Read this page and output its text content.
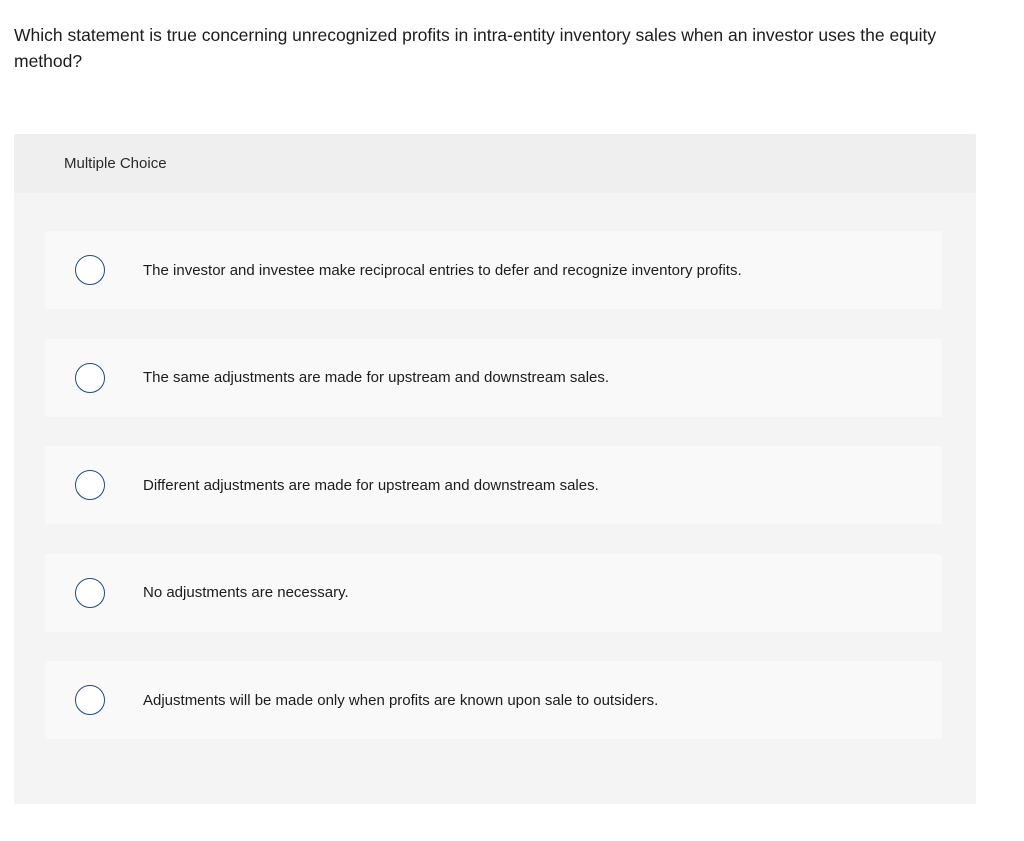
Which statement is true concerning unrecognized profits in intra-entity inventory sales when an investor uses the equity method?

Multiple Choice
The investor and investee make reciprocal entries to defer and recognize inventory profits.
The same adjustments are made for upstream and downstream sales.
Different adjustments are made for upstream and downstream sales.
No adjustments are necessary.
Adjustments will be made only when profits are known upon sale to outsiders.
